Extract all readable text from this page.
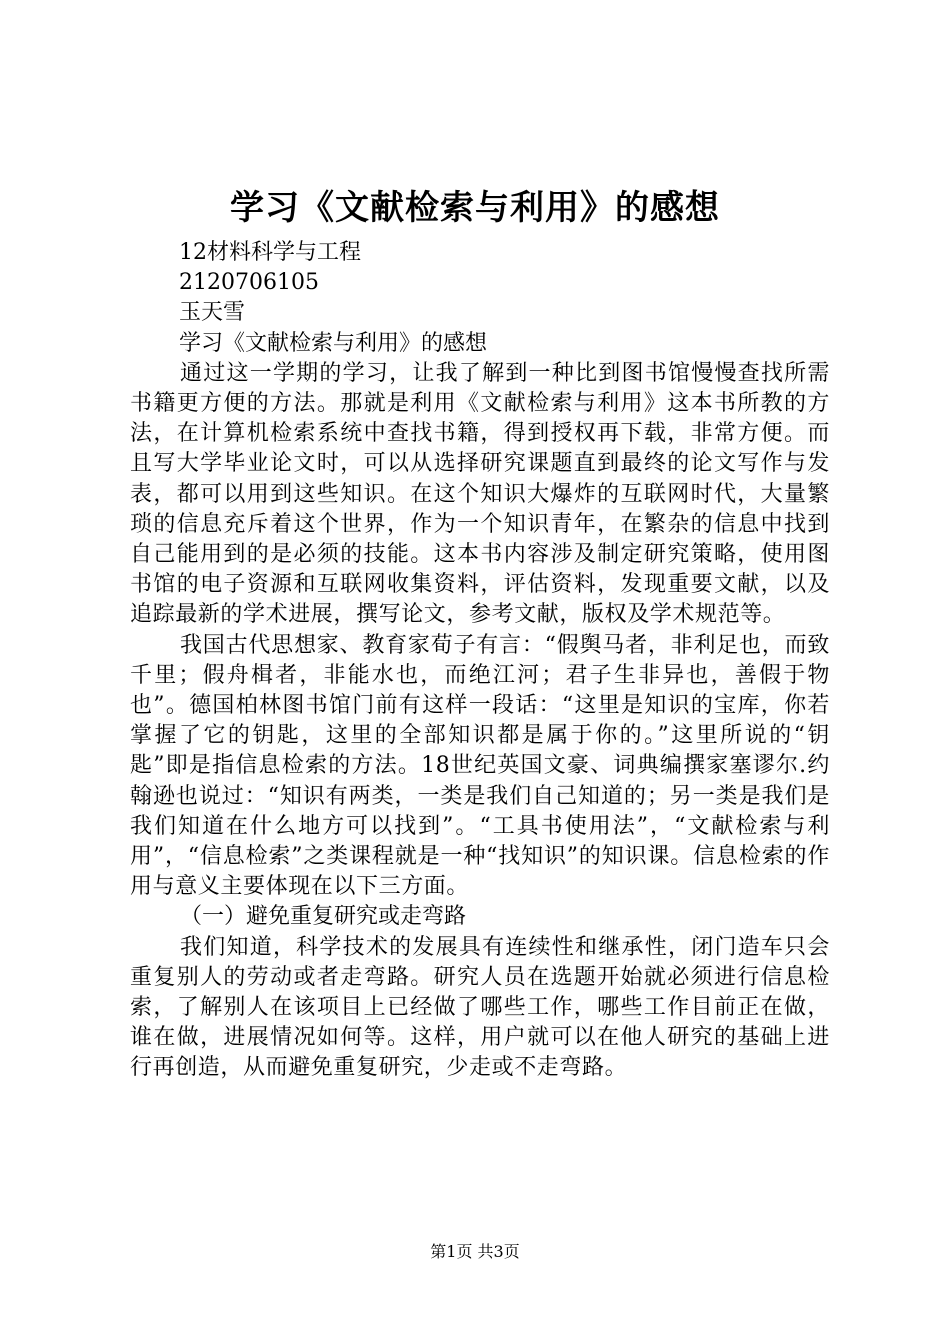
学习《文献检索与利用》的感想

12材料科学与工程

2120706105

玉天雪

学习《文献检索与利用》的感想

通过这一学期的学习，让我了解到一种比到图书馆慢慢查找所需书籍更方便的方法。那就是利用《文献检索与利用》这本书所教的方法，在计算机检索系统中查找书籍，得到授权再下载，非常方便。而且写大学毕业论文时，可以从选择研究课题直到最终的论文写作与发表，都可以用到这些知识。在这个知识大爆炸的互联网时代，大量繁琐的信息充斥着这个世界，作为一个知识青年，在繁杂的信息中找到自己能用到的是必须的技能。这本书内容涉及制定研究策略，使用图书馆的电子资源和互联网收集资料，评估资料，发现重要文献，以及追踪最新的学术进展，撰写论文，参考文献，版权及学术规范等。

我国古代思想家、教育家荀子有言：“假舆马者，非利足也，而致千里；假舟楫者，非能水也，而绝江河；君子生非异也，善假于物也”。德国柏林图书馆门前有这样一段话：“这里是知识的宝库，你若掌握了它的钥匙，这里的全部知识都是属于你的。”这里所说的“钥匙”即是指信息检索的方法。18世纪英国文豪、词典编撰家塞谬尔.约翰逊也说过：“知识有两类，一类是我们自己知道的；另一类是我们是我们知道在什么地方可以找到”。“工具书使用法”，“文献检索与利用”，“信息检索”之类课程就是一种“找知识”的知识课。信息检索的作用与意义主要体现在以下三方面。

（一）避免重复研究或走弯路

我们知道，科学技术的发展具有连续性和继承性，闭门造车只会重复别人的劳动或者走弯路。研究人员在选题开始就必须进行信息检索，了解别人在该项目上已经做了哪些工作，哪些工作目前正在做，谁在做，进展情况如何等。这样，用户就可以在他人研究的基础上进行再创造，从而避免重复研究，少走或不走弯路。

第1页 共3页
